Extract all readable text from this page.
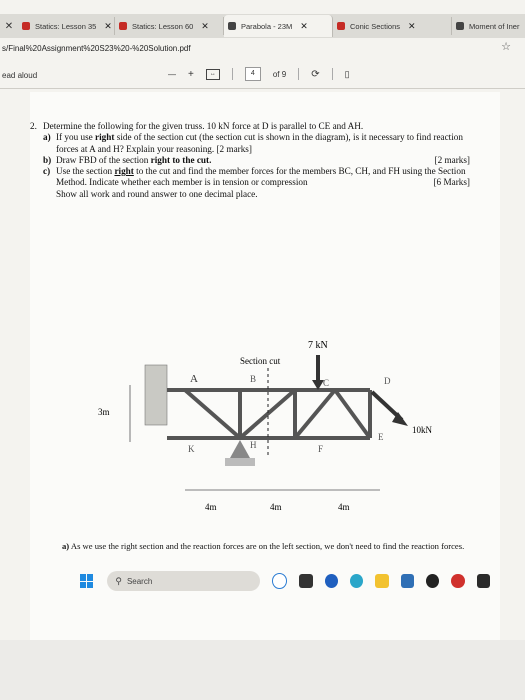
✕	Statics: Lesson 35 ✕	Statics: Lesson 60 ✕	Parabola - 23M ✕	Conic Sections ✕	Moment of Iner
s/Final%20Assignment%20S23%20-%20Solution.pdf	☆
ead aloud	— +	↔	4	of 9	⟳	▯
2. Determine the following for the given truss. 10 kN force at D is parallel to CE and AH.
a) If you use right side of the section cut (the section cut is shown in the diagram), is it necessary to find reaction forces at A and H? Explain your reasoning. [2 marks]
b) Draw FBD of the section right to the cut.	[2 marks]
c) Use the section right to the cut and find the member forces for the members BC, CH, and FH using the Section Method. Indicate whether each member is in tension or compression	[6 Marks]
Show all work and round answer to one decimal place.
Section cut
7 kN
10kN
A	B	C	D
E
F
H
K
3m
4m	4m	4m
a) As we use the right section and the reaction forces are on the left section, we don't need to find the reaction forces.
⚲ Search
